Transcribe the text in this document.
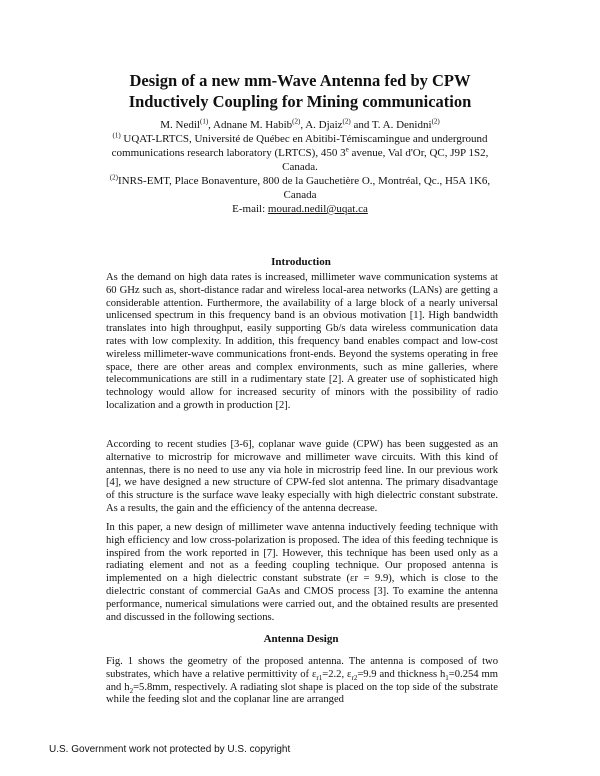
Design of a new mm-Wave Antenna fed by CPW
Inductively Coupling for Mining communication
M. Nedil$^{(1)}$, Adnane M. Habib$^{(2)}$, A. Djaiz$^{(2)}$ and T. A. Denidni$^{(2)}$
$^{(1)}$ UQAT-LRTCS, Université de Québec en Abitibi-Témiscamingue and underground communications research laboratory (LRTCS), 450 3e avenue, Val d'Or, QC, J9P 1S2, Canada.
$^{(2)}$INRS-EMT, Place Bonaventure, 800 de la Gauchetière O., Montréal, Qc., H5A 1K6, Canada
E-mail: mourad.nedil@uqat.ca
Introduction

As the demand on high data rates is increased, millimeter wave communication systems at 60 GHz such as, short-distance radar and wireless local-area networks (LANs) are getting a considerable attention. Furthermore, the availability of a large block of a nearly universal unlicensed spectrum in this frequency band is an obvious motivation [1]. High bandwidth translates into high throughput, easily supporting Gb/s data wireless communication data rates with low complexity. In addition, this frequency band enables compact and low-cost wireless millimeter-wave communications front-ends. Beyond the systems operating in free space, there are other areas and complex environments, such as mine galleries, where telecommunications are still in a rudimentary state [2]. A greater use of sophisticated high technology would allow for increased security of minors with the possibility of radio localization and a growth in production [2].

According to recent studies [3-6], coplanar wave guide (CPW) has been suggested as an alternative to microstrip for microwave and millimeter wave circuits. With this kind of antennas, there is no need to use any via hole in microstrip feed line. In our previous work [4], we have designed a new structure of CPW-fed slot antenna. The primary disadvantage of this structure is the surface wave leaky especially with high dielectric constant substrate. As a results, the gain and the efficiency of the antenna decrease.

In this paper, a new design of millimeter wave antenna inductively feeding technique with high efficiency and low cross-polarization is proposed. The idea of this feeding technique is inspired from the work reported in [7]. However, this technique has been used only as a radiating element and not as a feeding coupling technique. Our proposed antenna is implemented on a high dielectric constant substrate (εr = 9.9), which is close to the dielectric constant of commercial GaAs and CMOS process [3]. To examine the antenna performance, numerical simulations were carried out, and the obtained results are presented and discussed in the following sections.

Antenna Design

Fig. 1 shows the geometry of the proposed antenna. The antenna is composed of two substrates, which have a relative permittivity of $\varepsilon_{r1}=2.2$, $\varepsilon_{r2}=9.9$ and thickness $h_1=0.254$ mm and $h_2=5.8mm$, respectively. A radiating slot shape is placed on the top side of the substrate while the feeding slot and the coplanar line are arranged

U.S. Government work not protected by U.S. copyright
